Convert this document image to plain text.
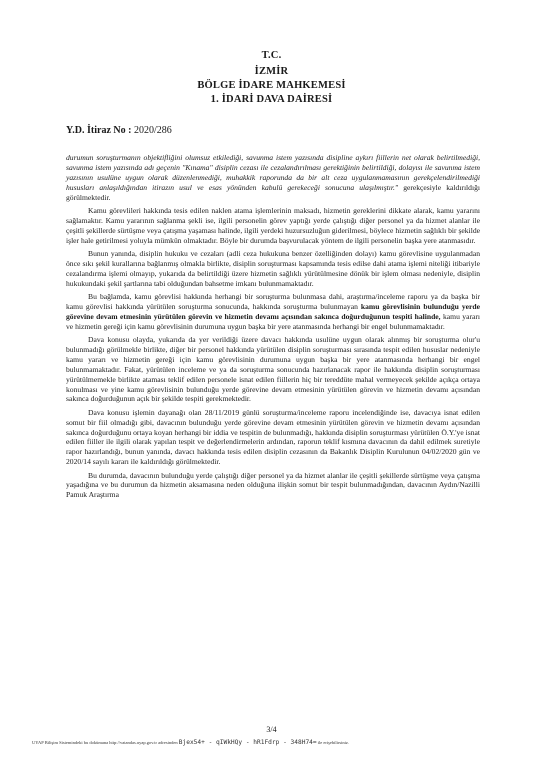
T.C.
İZMİR
BÖLGE İDARE MAHKEMESİ
1. İDARİ DAVA DAİRESİ
Y.D. İtiraz No : 2020/286

durumun soruşturmanın objektifliğini olumsuz etkilediği, savunma istem yazısında disipline aykırı fiillerin net olarak belirtilmediği, savunma istem yazısında adı geçenin "Kınama" disiplin cezası ile cezalandırılması gerektiğinin belirtildiği, dolayısı ile savunma istem yazısının usulüne uygun olarak düzenlenmediği, muhakkik raporunda da bir alt ceza uygulanmamasının gerekçelendirilmediği hususları anlaşıldığından itirazın usul ve esas yönünden kabulü gerekeceği sonucuna ulaşılmıştır." gerekçesiyle kaldırıldığı görülmektedir.

Kamu görevlileri hakkında tesis edilen naklen atama işlemlerinin maksadı, hizmetin gereklerini dikkate alarak, kamu yararını sağlamaktır. Kamu yararının sağlanma şekli ise, ilgili personelin görev yaptığı yerde çalıştığı diğer personel ya da hizmet alanlar ile çeşitli şekillerde sürtüşme veya çatışma yaşaması halinde, ilgili yerdeki huzursuzluğun giderilmesi, böylece hizmetin sağlıklı bir şekilde işler hale getirilmesi yoluyla mümkün olmaktadır. Böyle bir durumda başvurulacak yöntem de ilgili personelin başka yere atanmasıdır.

Bunun yanında, disiplin hukuku ve cezaları (adli ceza hukukuna benzer özelliğinden dolayı) kamu görevlisine uygulanmadan önce sıkı şekil kurallarına bağlanmış olmakla birlikte, disiplin soruşturması kapsamında tesis edilse dahi atama işlemi niteliği itibariyle cezalandırma işlemi olmayıp, yukarıda da belirtildiği üzere hizmetin sağlıklı yürütülmesine dönük bir işlem olması nedeniyle, disiplin hukukundaki şekil şartlarına tabi olduğundan bahsetme imkanı bulunmamaktadır.

Bu bağlamda, kamu görevlisi hakkında herhangi bir soruşturma bulunmasa dahi, araştırma/inceleme raporu ya da başka bir kamu görevlisi hakkında yürütülen soruşturma sonucunda, hakkında soruşturma bulunmayan kamu görevlisinin bulunduğu yerde görevine devam etmesinin yürütülen görevin ve hizmetin devamı açısından sakınca doğurduğunun tespiti halinde, kamu yararı ve hizmetin gereği için kamu görevlisinin durumuna uygun başka bir yere atanmasında herhangi bir engel bulunmamaktadır.

Dava konusu olayda, yukarıda da yer verildiği üzere davacı hakkında usulüne uygun olarak alınmış bir soruşturma olur'u bulunmadığı görülmekle birlikte, diğer bir personel hakkında yürütülen disiplin soruşturması sırasında tespit edilen hususlar nedeniyle kamu yararı ve hizmetin gereği için kamu görevlisinin durumuna uygun başka bir yere atanmasında herhangi bir engel bulunmamaktadır. Fakat, yürütülen inceleme ve ya da soruşturma sonucunda hazırlanacak rapor ile hakkında disiplin soruşturması yürütülmemekle birlikte ataması teklif edilen personele isnat edilen fiillerin hiç bir tereddüte mahal vermeyecek şekilde açıkça ortaya konulması ve yine kamu görevlisinin bulunduğu yerde görevine devam etmesinin yürütülen görevin ve hizmetin devamı açısından sakınca doğurduğunun açık bir şekilde tespiti gerekmektedir.

Dava konusu işlemin dayanağı olan 28/11/2019 günlü soruşturma/inceleme raporu incelendiğinde ise, davacıya isnat edilen somut bir fiil olmadığı gibi, davacının bulunduğu yerde görevine devam etmesinin yürütülen görevin ve hizmetin devamı açısından sakınca doğurduğunu ortaya koyan herhangi bir iddia ve tespitin de bulunmadığı, hakkında disiplin soruşturması yürütülen Ö.Y.'ye isnat edilen fiiller ile ilgili olarak yapılan tespit ve değerlendirmelerin ardından, raporun teklif kısmına davacının da dahil edilmek suretiyle rapor hazırlandığı, bunun yanında, davacı hakkında tesis edilen disiplin cezasının da Bakanlık Disiplin Kurulunun 04/02/2020 gün ve 2020/14 sayılı kararı ile kaldırıldığı görülmektedir.

Bu durumda, davacının bulunduğu yerde çalıştığı diğer personel ya da hizmet alanlar ile çeşitli şekillerde sürtüşme veya çatışma yaşadığına ve bu durumun da hizmetin aksamasına neden olduğuna ilişkin somut bir tespit bulunmadığından, davacının Aydın/Nazilli Pamuk Araştırma

3/4
UYAP Bilişim Sistemindeki bu dokümana http://vatandas.uyap.gov.tr adresinden Bjex54+ - qIWkHQy - hR1Fdrp - 348H74= ile erişebilirsiniz.
